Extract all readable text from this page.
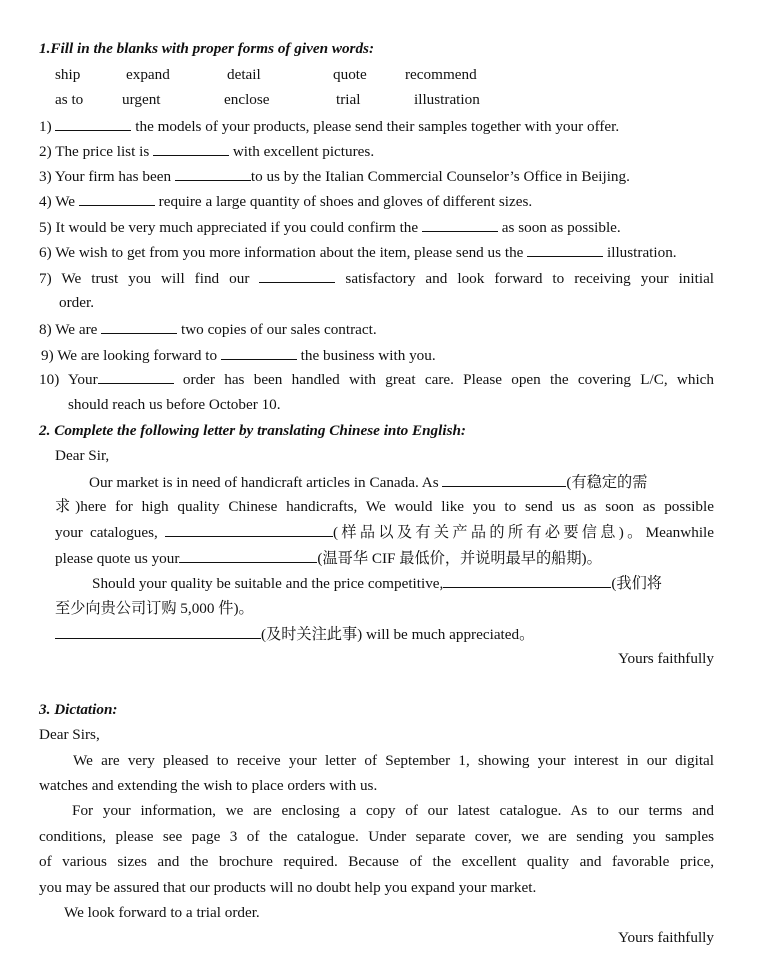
1.Fill in the blanks with proper forms of given words:
ship	expand	detail	quote	recommend
as to	urgent	enclose	trial	illustration
1)	the models of your products, please send their samples together with your offer.
2) The price list is	with excellent pictures.
3) Your firm has been	to us by the Italian Commercial Counselor’s Office in Beijing.
4) We	require a large quantity of shoes and gloves of different sizes.
5) It would be very much appreciated if you could confirm the	as soon as possible.
6) We wish to get from you more information about the item, please send us the	illustration.
7) We trust you will find our	satisfactory and look forward to receiving your initial
order.
8) We are	two copies of our sales contract.
9) We are looking forward to	the business with you.
10) Your	order has been handled with great care. Please open the covering L/C, which
should reach us before October 10.
2. Complete the following letter by translating Chinese into English:
Dear Sir,
Our market is in need of handicraft articles in Canada. As	(有稳定的需
求)here for high quality Chinese handicrafts, We would like you to send us as soon as possible
your catalogues,	(样品以及有关产品的所有必要信息)。Meanwhile
please quote us your	(温哥华 CIF 最低价，并说明最早的船期)。
Should your quality be suitable and the price competitive,	(我们将
至少向贵公司订购 5,000 件)。
(及时关注此事) will be much appreciated。
Yours faithfully
3. Dictation:
Dear Sirs,
We are very pleased to receive your letter of September 1, showing your interest in our digital
watches and extending the wish to place orders with us.
For your information, we are enclosing a copy of our latest catalogue. As to our terms and
conditions, please see page 3 of the catalogue. Under separate cover, we are sending you samples
of various sizes and the brochure required. Because of the excellent quality and favorable price,
you may be assured that our products will no doubt help you expand your market.
We look forward to a trial order.
Yours faithfully
